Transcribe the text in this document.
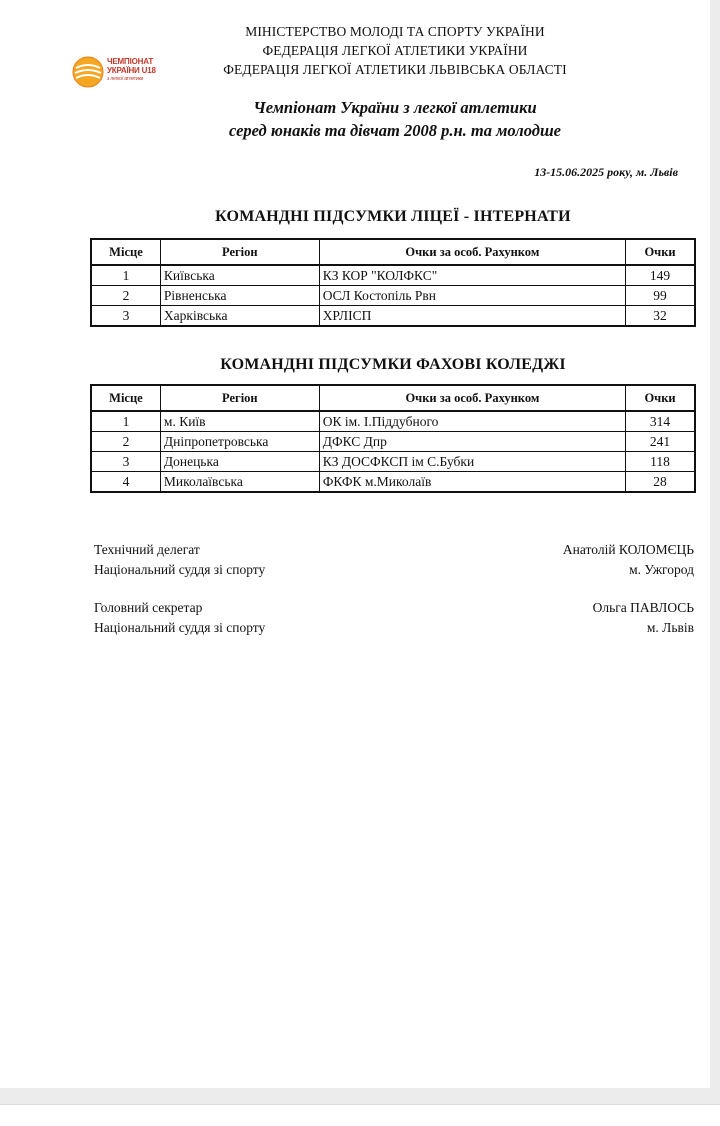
ЧЕМПІОНАТ
УКРАЇНИ U18
з легкої атлетики
МІНІСТЕРСТВО МОЛОДІ ТА СПОРТУ УКРАЇНИ
ФЕДЕРАЦІЯ ЛЕГКОЇ АТЛЕТИКИ УКРАЇНИ
ФЕДЕРАЦІЯ ЛЕГКОЇ АТЛЕТИКИ ЛЬВІВСЬКА ОБЛАСТІ
Чемпіонат України з легкої атлетики
серед юнаків та дівчат 2008 р.н. та молодше
13-15.06.2025 року, м. Львів
КОМАНДНІ ПІДСУМКИ ЛІЦЕЇ - ІНТЕРНАТИ
Місце	Регіон	Очки за особ. Рахунком	Очки
1	Київська	КЗ КОР "КОЛФКС"	149
2	Рівненська	ОСЛ Костопіль Рвн	99
3	Харківська	ХРЛІСП	32
КОМАНДНІ ПІДСУМКИ ФАХОВІ КОЛЕДЖІ
Місце	Регіон	Очки за особ. Рахунком	Очки
1	м. Київ	ОК ім. І.Піддубного	314
2	Дніпропетровська	ДФКС Дпр	241
3	Донецька	КЗ ДОСФКСП ім С.Бубки	118
4	Миколаївська	ФКФК м.Миколаїв	28
Технічний делегат	Анатолій КОЛОМЄЦЬ
Національний суддя зі спорту	м. Ужгород
Головний секретар	Ольга ПАВЛОСЬ
Національний суддя зі спорту	м. Львів
